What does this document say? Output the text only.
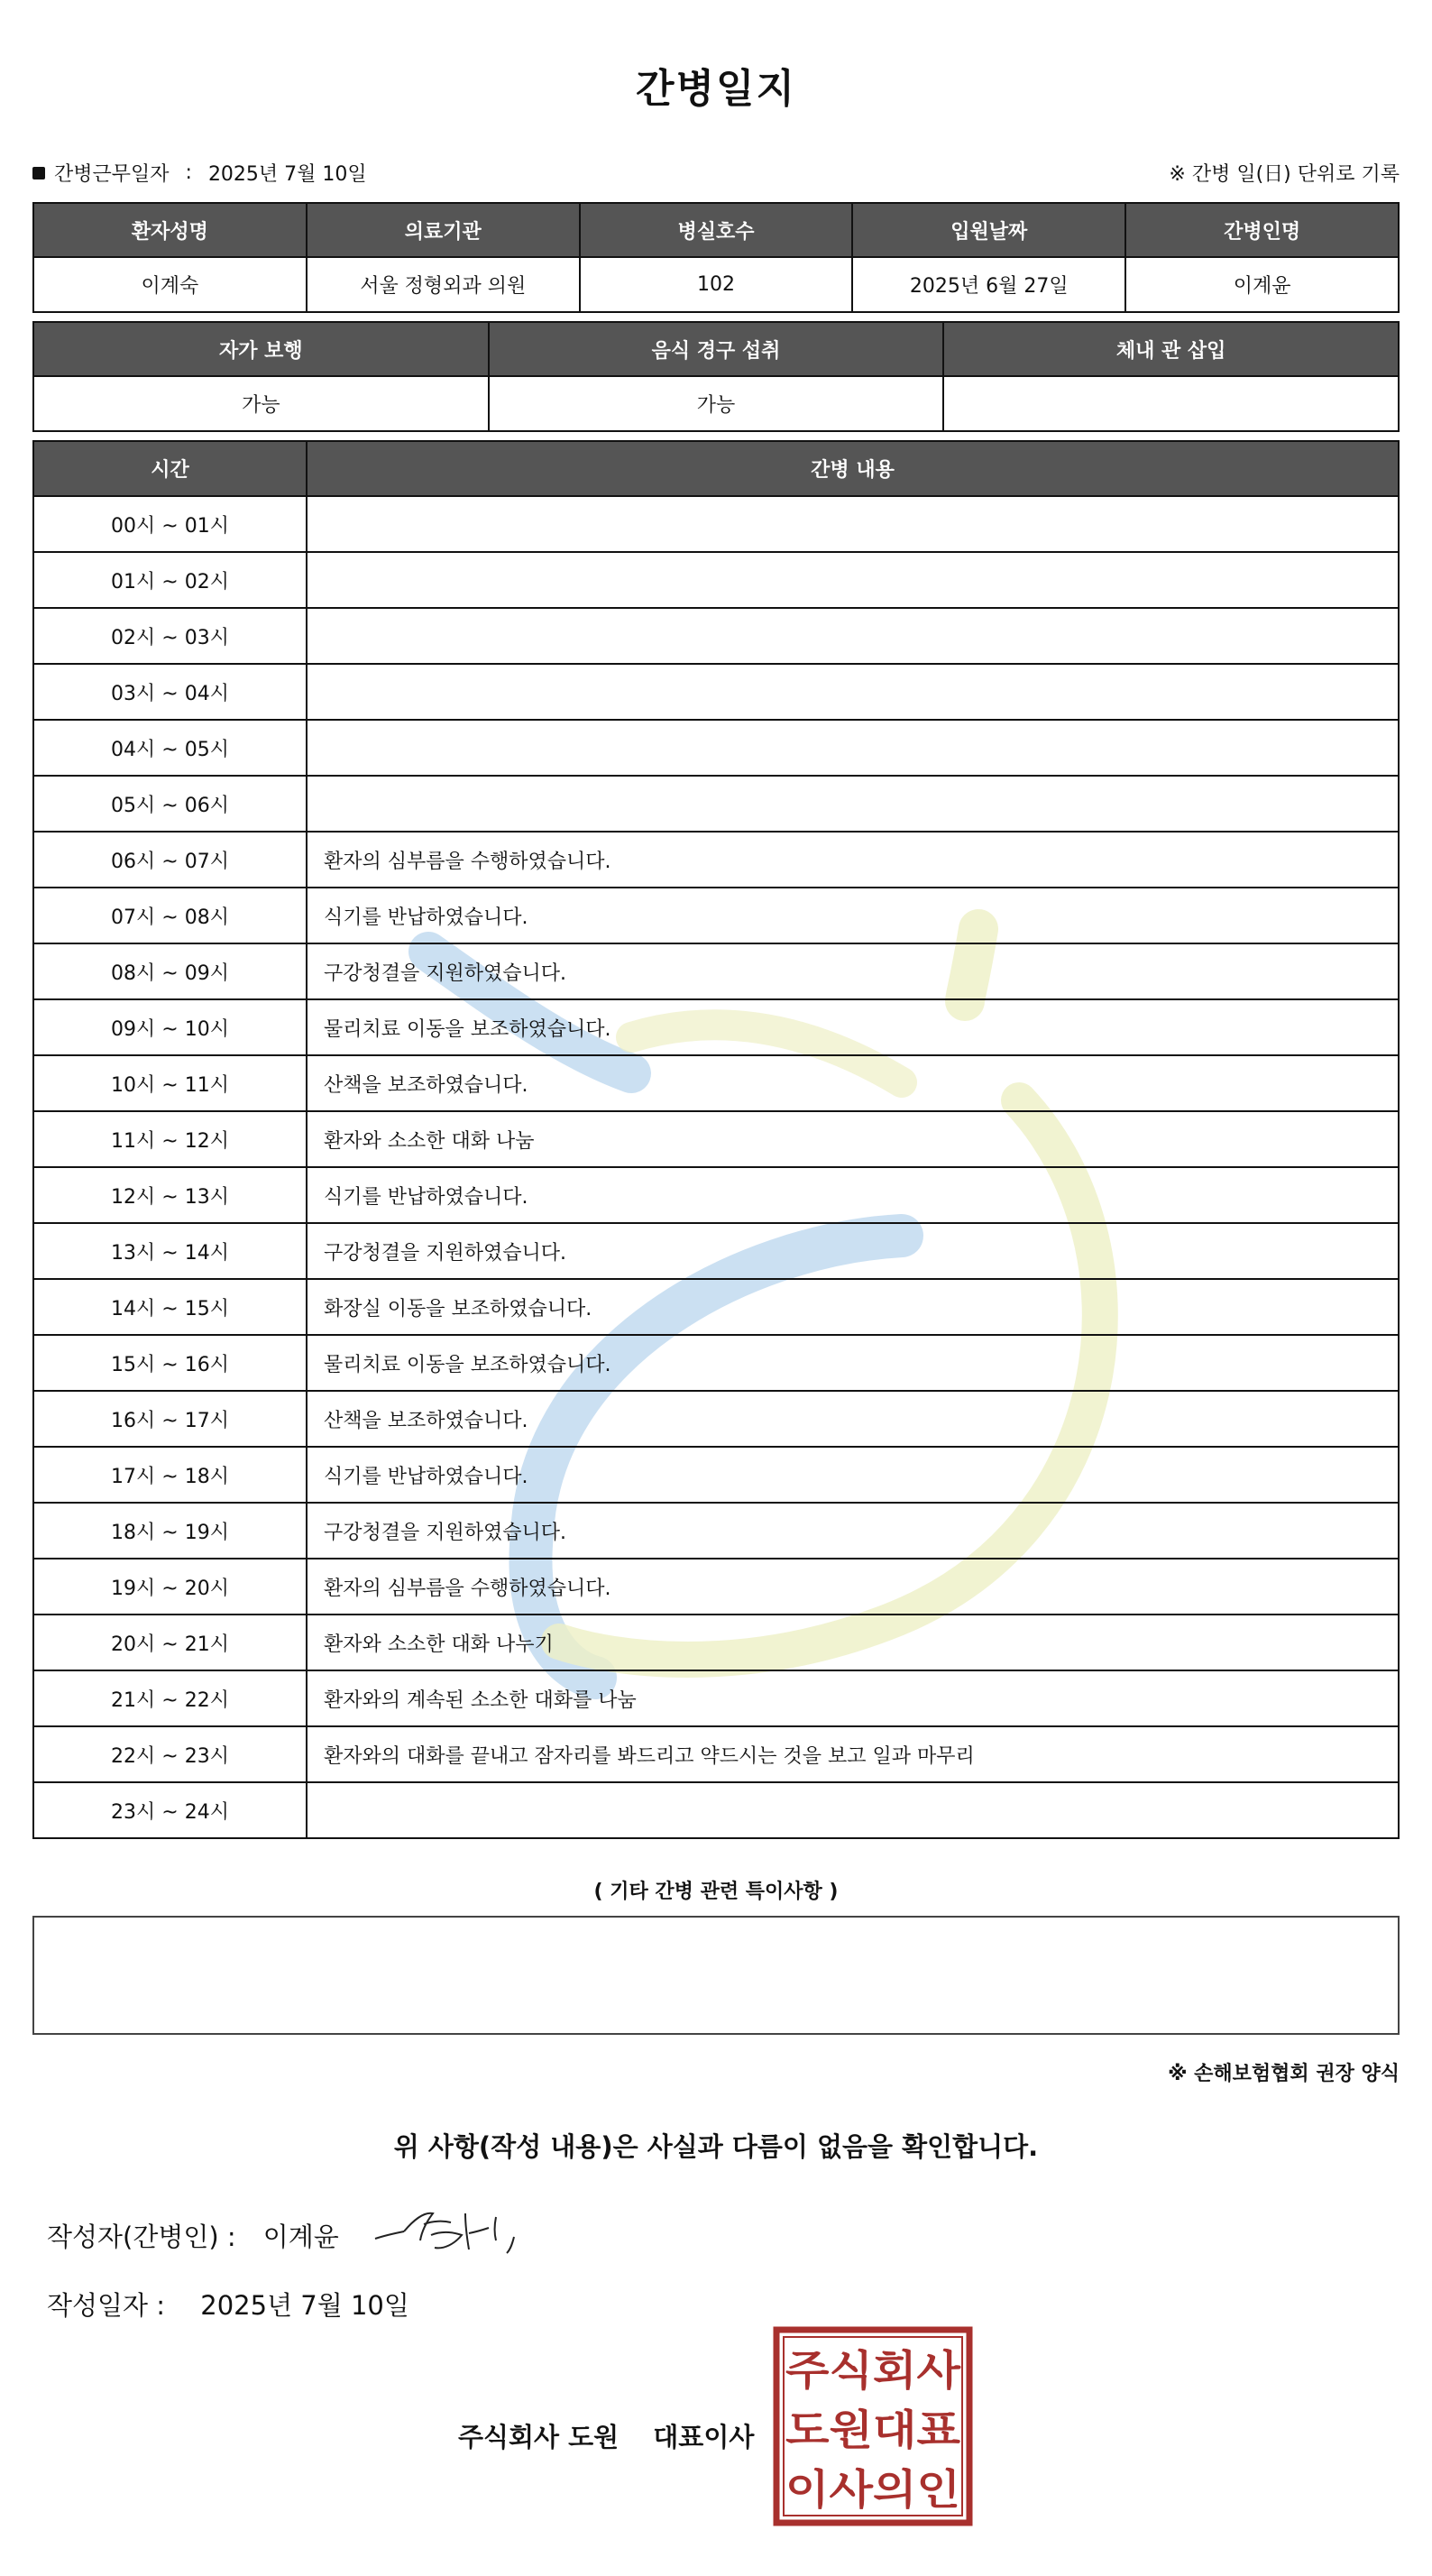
간병일지
간병근무일자 : 2025년 7월 10일	※ 간병 일(日) 단위로 기록
환자성명	의료기관	병실호수	입원날짜	간병인명
이계숙	서울 정형외과 의원	102	2025년 6월 27일	이계윤
자가 보행	음식 경구 섭취	체내 관 삽입
가능	가능	
시간	간병 내용
00시 ~ 01시	
01시 ~ 02시	
02시 ~ 03시	
03시 ~ 04시	
04시 ~ 05시	
05시 ~ 06시	
06시 ~ 07시	환자의 심부름을 수행하였습니다.
07시 ~ 08시	식기를 반납하였습니다.
08시 ~ 09시	구강청결을 지원하였습니다.
09시 ~ 10시	물리치료 이동을 보조하였습니다.
10시 ~ 11시	산책을 보조하였습니다.
11시 ~ 12시	환자와 소소한 대화 나눔
12시 ~ 13시	식기를 반납하였습니다.
13시 ~ 14시	구강청결을 지원하였습니다.
14시 ~ 15시	화장실 이동을 보조하였습니다.
15시 ~ 16시	물리치료 이동을 보조하였습니다.
16시 ~ 17시	산책을 보조하였습니다.
17시 ~ 18시	식기를 반납하였습니다.
18시 ~ 19시	구강청결을 지원하였습니다.
19시 ~ 20시	환자의 심부름을 수행하였습니다.
20시 ~ 21시	환자와 소소한 대화 나누기
21시 ~ 22시	환자와의 계속된 소소한 대화를 나눔
22시 ~ 23시	환자와의 대화를 끝내고 잠자리를 봐드리고 약드시는 것을 보고 일과 마무리
23시 ~ 24시	
( 기타 간병 관련 특이사항 )
※ 손해보험협회 권장 양식
위 사항(작성 내용)은 사실과 다름이 없음을 확인합니다.
작성자(간병인) : 이계윤
작성일자 : 2025년 7월 10일
주식회사 도원 대표이사
주식회사
도원대표
이사의인
